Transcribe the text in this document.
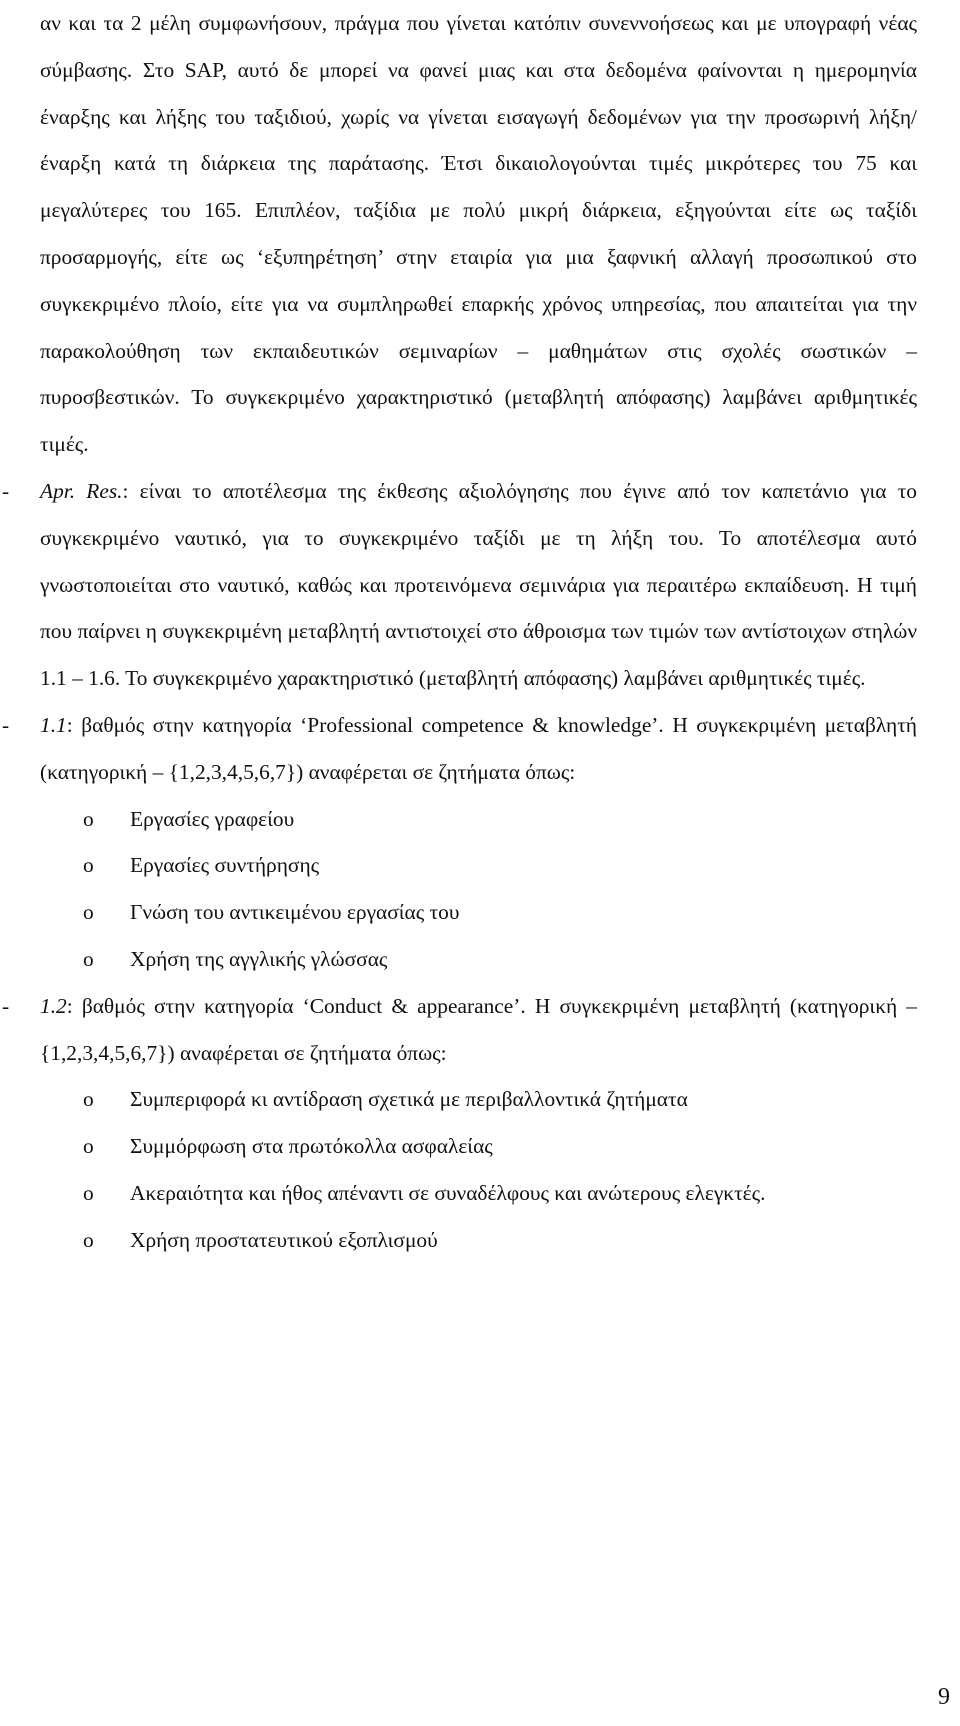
αν και τα 2 μέλη συμφωνήσουν, πράγμα που γίνεται κατόπιν συνεννοήσεως και με υπογραφή νέας σύμβασης. Στο SAP, αυτό δε μπορεί να φανεί μιας και στα δεδομένα φαίνονται η ημερομηνία έναρξης και λήξης του ταξιδιού, χωρίς να γίνεται εισαγωγή δεδομένων για την προσωρινή λήξη/έναρξη κατά τη διάρκεια της παράτασης. Έτσι δικαιολογούνται τιμές μικρότερες του 75 και μεγαλύτερες του 165. Επιπλέον, ταξίδια με πολύ μικρή διάρκεια, εξηγούνται είτε ως ταξίδι προσαρμογής, είτε ως ‘εξυπηρέτηση’ στην εταιρία για μια ξαφνική αλλαγή προσωπικού στο συγκεκριμένο πλοίο, είτε για να συμπληρωθεί επαρκής χρόνος υπηρεσίας, που απαιτείται για την παρακολούθηση των εκπαιδευτικών σεμιναρίων – μαθημάτων στις σχολές σωστικών – πυροσβεστικών. Το συγκεκριμένο χαρακτηριστικό (μεταβλητή απόφασης) λαμβάνει αριθμητικές τιμές.

- Apr. Res.: είναι το αποτέλεσμα της έκθεσης αξιολόγησης που έγινε από τον καπετάνιο για το συγκεκριμένο ναυτικό, για το συγκεκριμένο ταξίδι με τη λήξη του. Το αποτέλεσμα αυτό γνωστοποιείται στο ναυτικό, καθώς και προτεινόμενα σεμινάρια για περαιτέρω εκπαίδευση. Η τιμή που παίρνει η συγκεκριμένη μεταβλητή αντιστοιχεί στο άθροισμα των τιμών των αντίστοιχων στηλών 1.1 – 1.6. Το συγκεκριμένο χαρακτηριστικό (μεταβλητή απόφασης) λαμβάνει αριθμητικές τιμές.

- 1.1: βαθμός στην κατηγορία ‘Professional competence & knowledge’. Η συγκεκριμένη μεταβλητή (κατηγορική – {1,2,3,4,5,6,7}) αναφέρεται σε ζητήματα όπως:

o Εργασίες γραφείου
o Εργασίες συντήρησης
o Γνώση του αντικειμένου εργασίας του
o Χρήση της αγγλικής γλώσσας
- 1.2: βαθμός στην κατηγορία ‘Conduct & appearance’. Η συγκεκριμένη μεταβλητή (κατηγορική – {1,2,3,4,5,6,7}) αναφέρεται σε ζητήματα όπως:

o Συμπεριφορά κι αντίδραση σχετικά με περιβαλλοντικά ζητήματα
o Συμμόρφωση στα πρωτόκολλα ασφαλείας
o Ακεραιότητα και ήθος απέναντι σε συναδέλφους και ανώτερους ελεγκτές.
o Χρήση προστατευτικού εξοπλισμού
9
